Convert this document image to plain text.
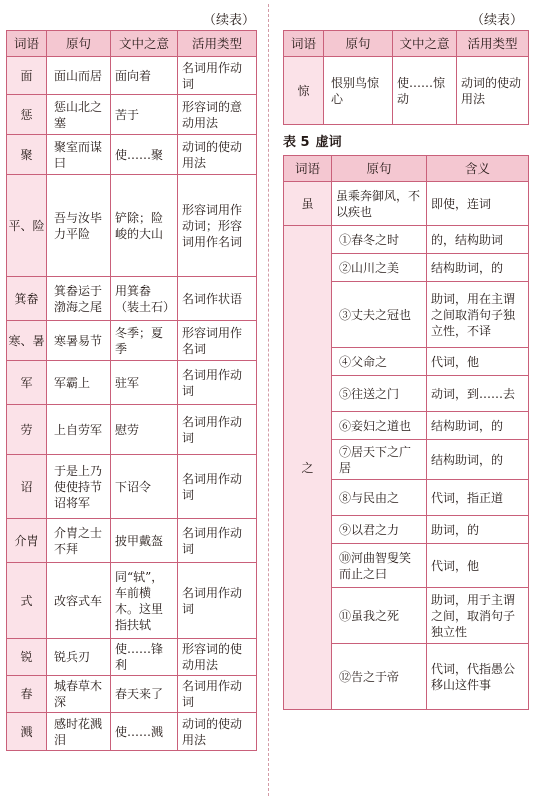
（续表）	（续表）
词语	原句	文中之意	活用类型
面	面山而居	面向着	名词用作动词
惩	惩山北之塞	苦于	形容词的意动用法
聚	聚室而谋曰	使……聚	动词的使动用法
平、险	吾与汝毕力平险	铲除；险峻的大山	形容词用作动词；形容词用作名词
箕畚	箕畚运于渤海之尾	用箕畚（装土石）	名词作状语
寒、暑	寒暑易节	冬季；夏季	形容词用作名词
军	军霸上	驻军	名词用作动词
劳	上自劳军	慰劳	名词用作动词
诏	于是上乃使使持节诏将军	下诏令	名词用作动词
介胄	介胄之士不拜	披甲戴盔	名词用作动词
式	改容式车	同“轼”，车前横木。这里指扶轼	名词用作动词
锐	锐兵刃	使……锋利	形容词的使动用法
春	城春草木深	春天来了	名词用作动词
溅	感时花溅泪	使……溅	动词的使动用法
词语	原句	文中之意	活用类型
惊	恨别鸟惊心	使……惊动	动词的使动用法
表 5 虚词
词语	原句	含义
虽	虽乘奔御风，不以疾也	即使，连词
之	①春冬之时	的，结构助词
	②山川之美	结构助词，的
	③丈夫之冠也	助词，用在主谓之间取消句子独立性，不译
	④父命之	代词，他
	⑤往送之门	动词，到……去
	⑥妾妇之道也	结构助词，的
	⑦居天下之广居	结构助词，的
	⑧与民由之	代词，指正道
	⑨以君之力	助词，的
	⑩河曲智叟笑而止之曰	代词，他
	⑪虽我之死	助词，用于主谓之间，取消句子独立性
	⑫告之于帝	代词，代指愚公移山这件事
